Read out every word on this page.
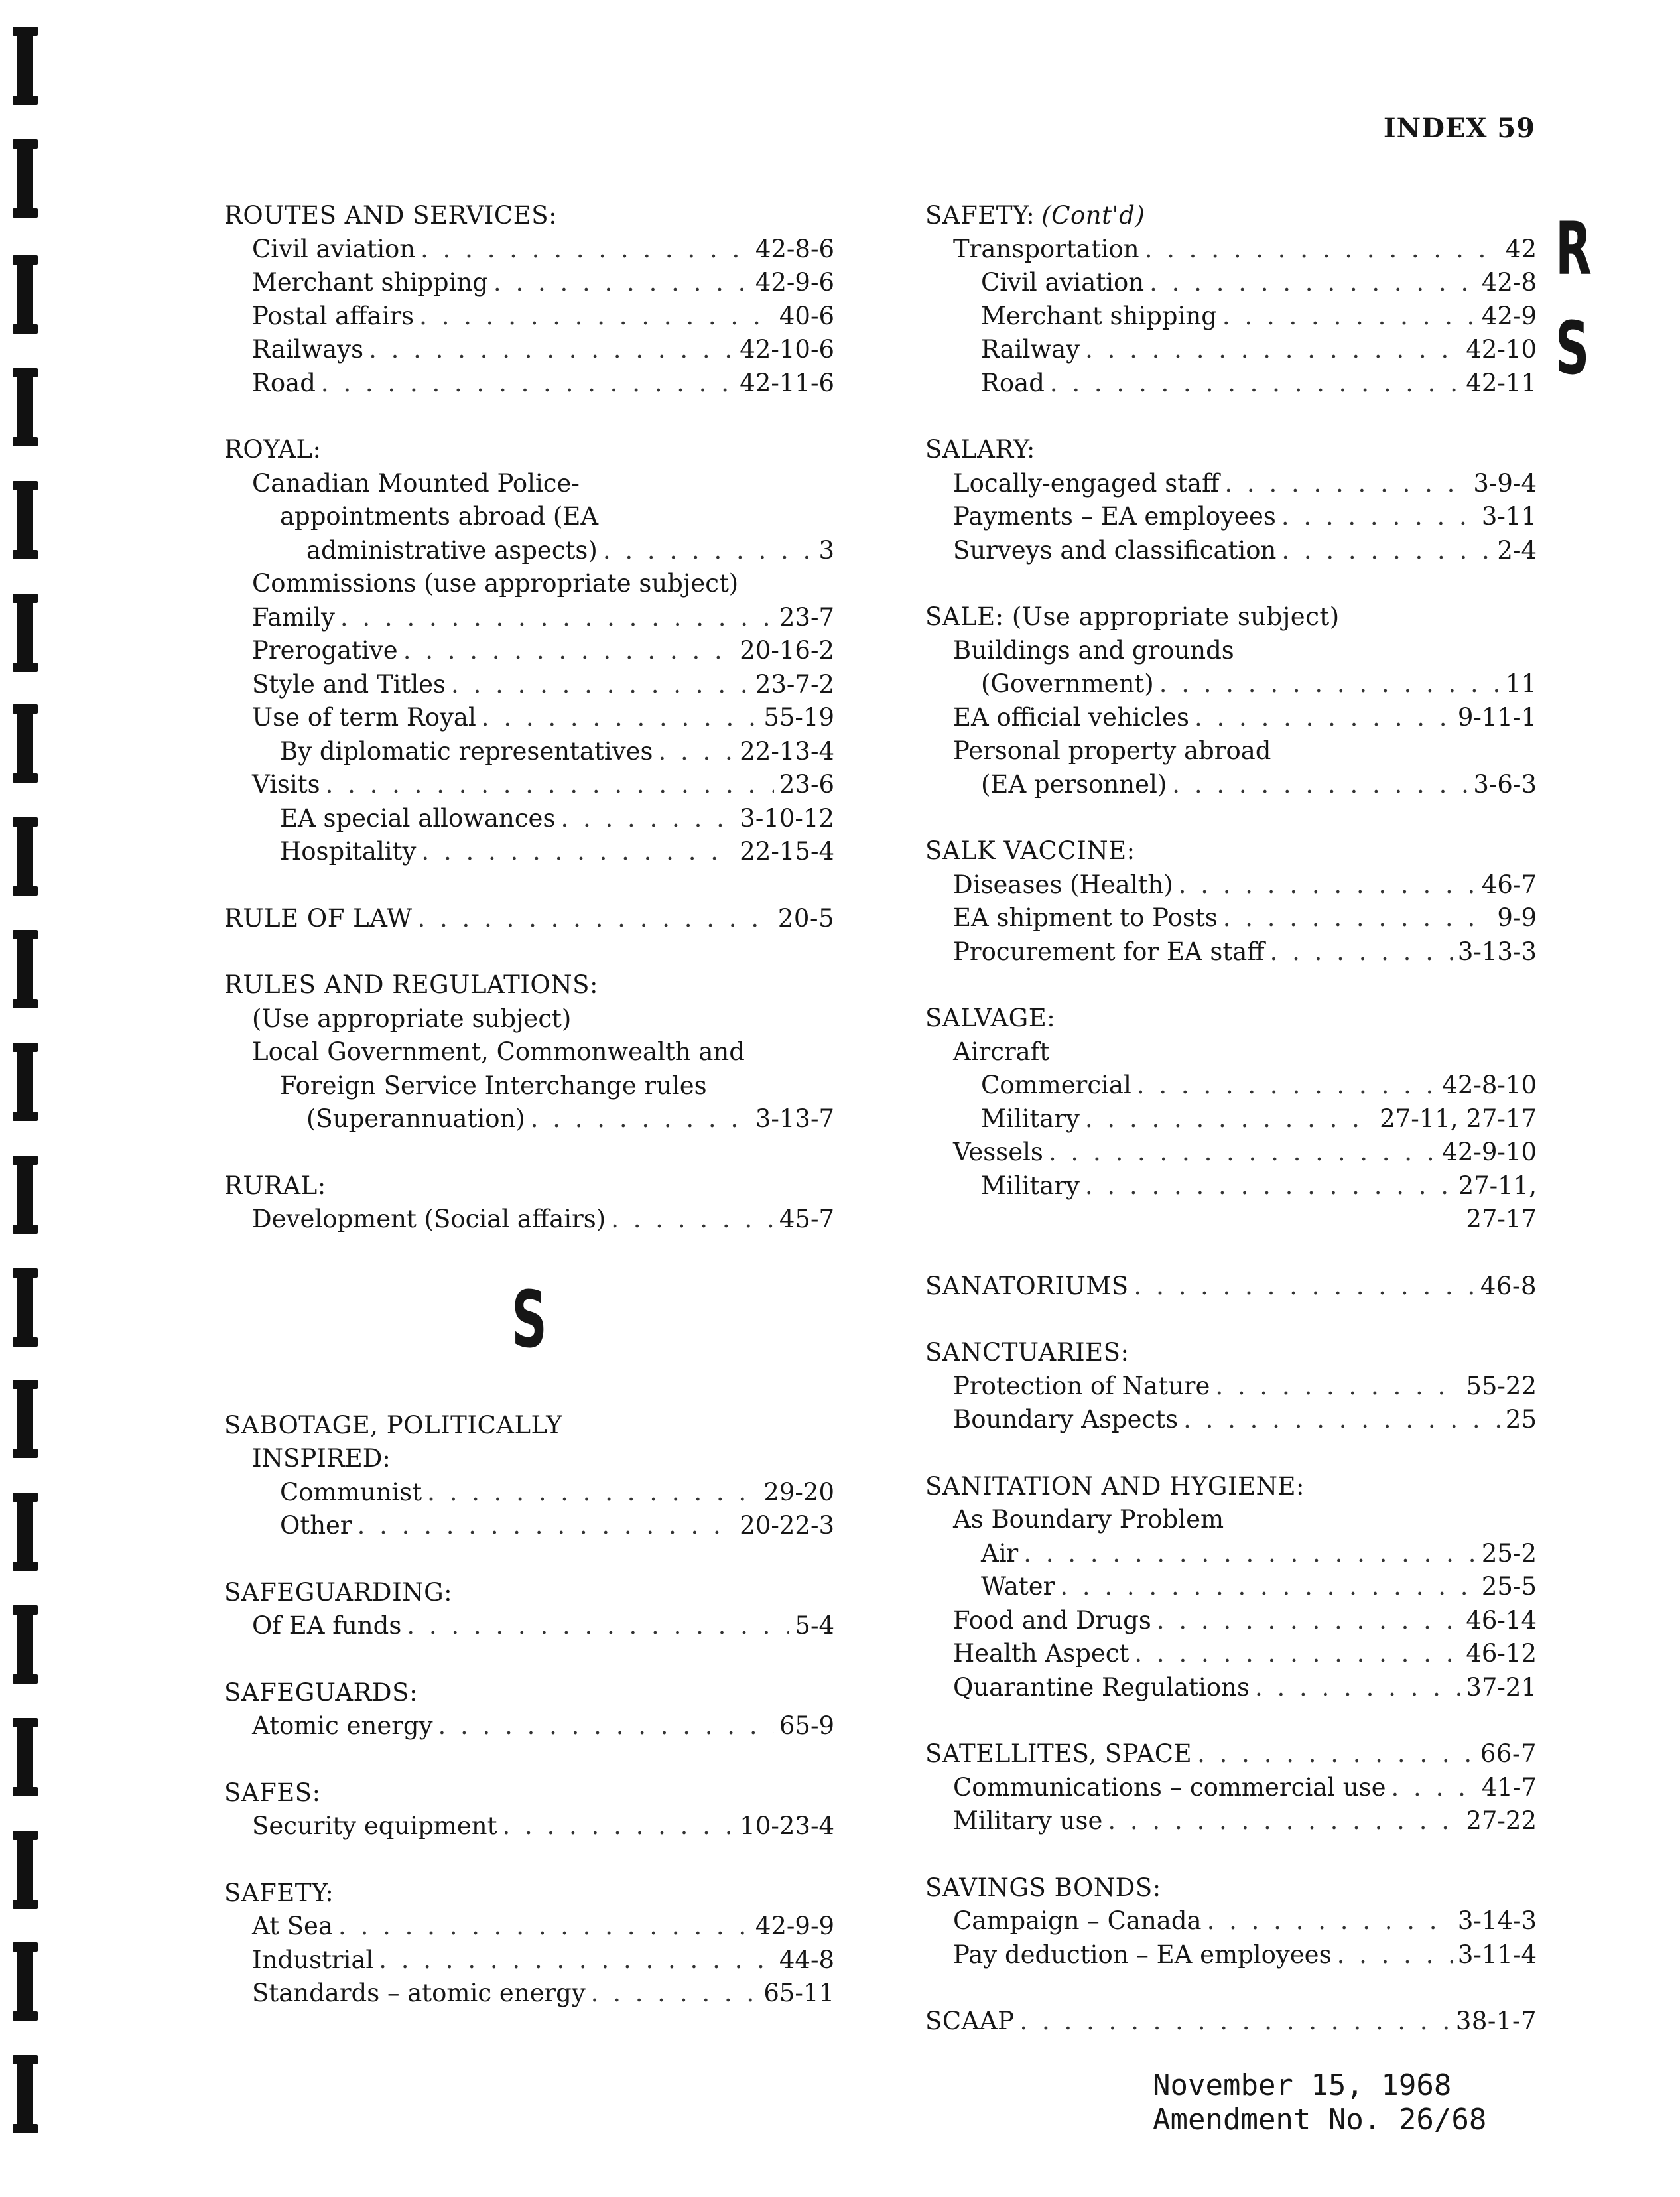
INDEX 59
R
S
ROUTES AND SERVICES:
Civil aviation . . .	42-8-6
Merchant shipping . . .	42-9-6
Postal affairs . . .	40-6
Railways . . .	42-10-6
Road . . .	42-11-6
ROYAL:
Canadian Mounted Police-
appointments abroad (EA
administrative aspects) . . .	3
Commissions (use appropriate subject)
Family . . .	23-7
Prerogative . . .	20-16-2
Style and Titles . . .	23-7-2
Use of term Royal . . .	55-19
By diplomatic representatives . . .	22-13-4
Visits . . .	23-6
EA special allowances . . .	3-10-12
Hospitality . . .	22-15-4
RULE OF LAW . . .	20-5
RULES AND REGULATIONS:
(Use appropriate subject)
Local Government, Commonwealth and
Foreign Service Interchange rules
(Superannuation) . . .	3-13-7
RURAL:
Development (Social affairs) . . .	45-7
S
SABOTAGE, POLITICALLY
INSPIRED:
Communist . . .	29-20
Other . . .	20-22-3
SAFEGUARDING:
Of EA funds . . .	5-4
SAFEGUARDS:
Atomic energy . . .	65-9
SAFES:
Security equipment . . .	10-23-4
SAFETY:
At Sea . . .	42-9-9
Industrial . . .	44-8
Standards – atomic energy . . .	65-11
SAFETY: (Cont'd)
Transportation . . .	42
Civil aviation . . .	42-8
Merchant shipping . . .	42-9
Railway . . .	42-10
Road . . .	42-11
SALARY:
Locally-engaged staff . . .	3-9-4
Payments – EA employees . . .	3-11
Surveys and classification . . .	2-4
SALE: (Use appropriate subject)
Buildings and grounds
(Government) . . .	11
EA official vehicles . . .	9-11-1
Personal property abroad
(EA personnel) . . .	3-6-3
SALK VACCINE:
Diseases (Health) . . .	46-7
EA shipment to Posts . . .	9-9
Procurement for EA staff . . .	3-13-3
SALVAGE:
Aircraft
Commercial . . .	42-8-10
Military . . .	27-11, 27-17
Vessels . . .	42-9-10
Military . . .	27-11,
27-17
SANATORIUMS . . .	46-8
SANCTUARIES:
Protection of Nature . . .	55-22
Boundary Aspects . . .	25
SANITATION AND HYGIENE:
As Boundary Problem
Air . . .	25-2
Water . . .	25-5
Food and Drugs . . .	46-14
Health Aspect . . .	46-12
Quarantine Regulations . . .	37-21
SATELLITES, SPACE . . .	66-7
Communications – commercial use . . .	41-7
Military use . . .	27-22
SAVINGS BONDS:
Campaign – Canada . . .	3-14-3
Pay deduction – EA employees . . .	3-11-4
SCAAP . . .	38-1-7
November 15, 1968
Amendment No. 26/68
